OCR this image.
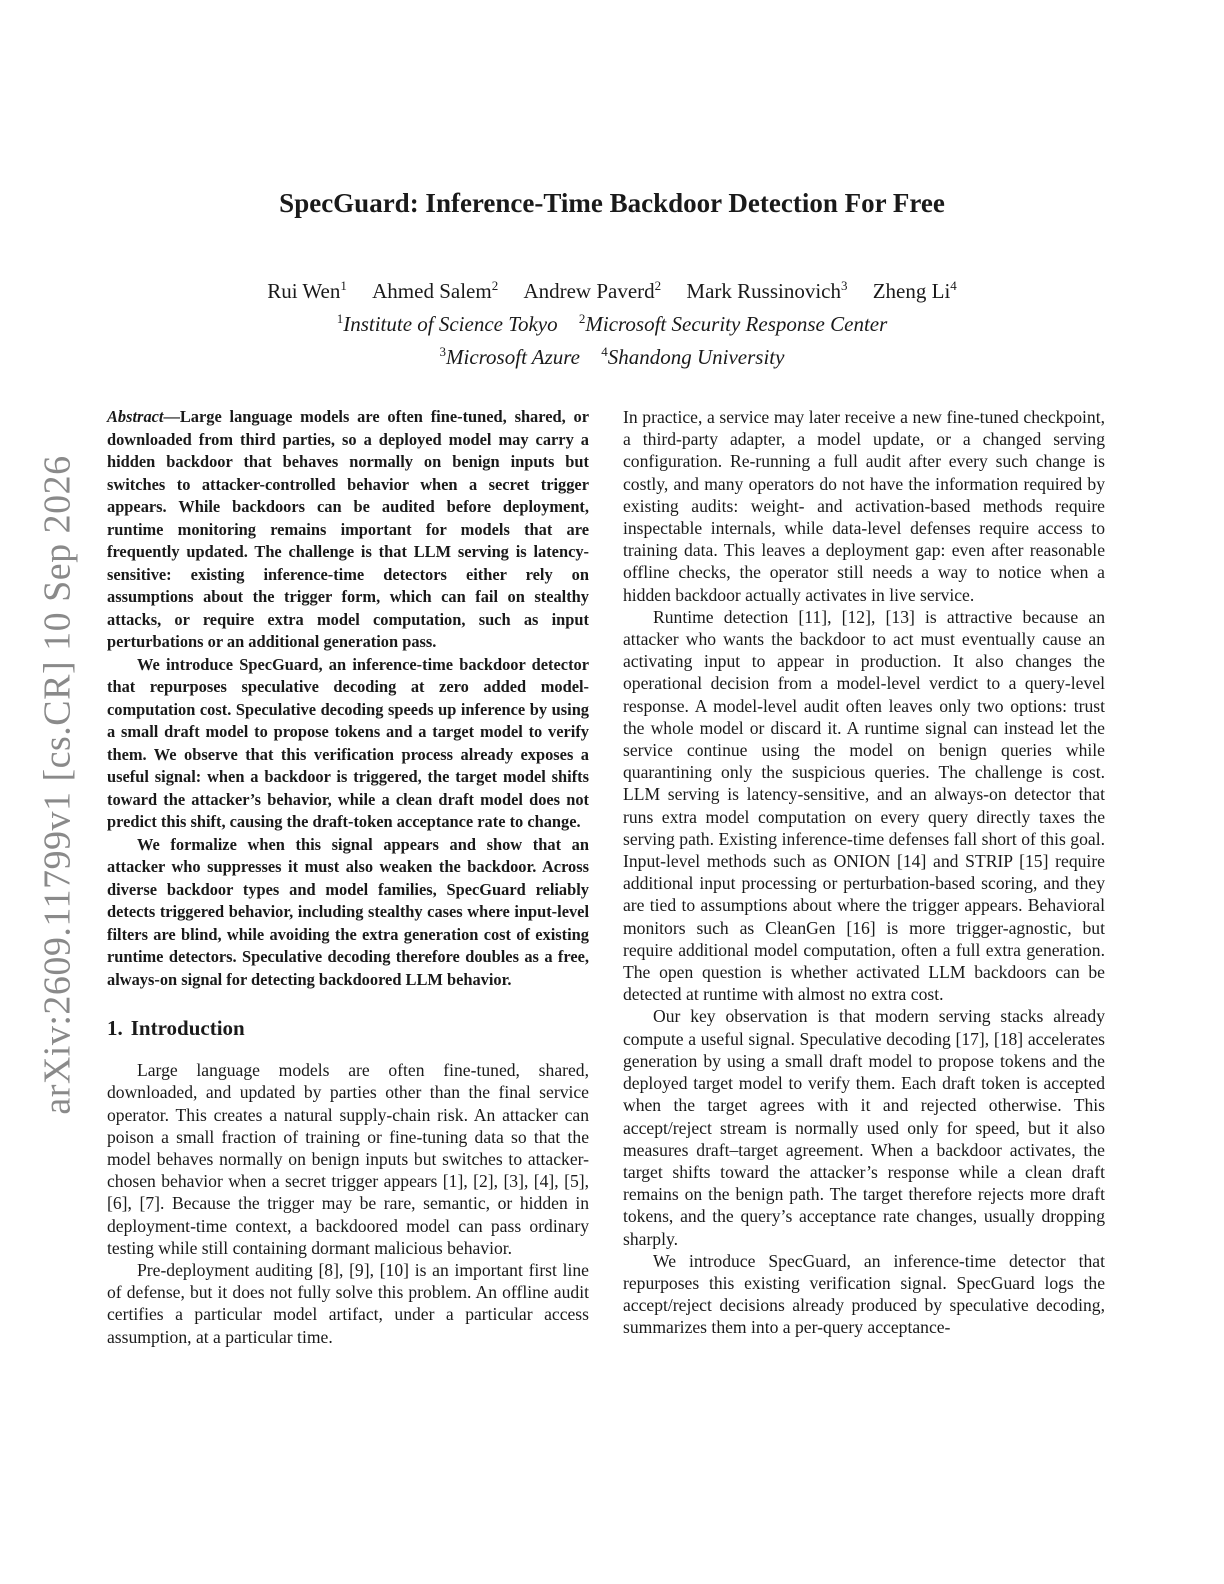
arXiv:2609.11799v1 [cs.CR] 10 Sep 2026
SpecGuard: Inference-Time Backdoor Detection For Free
Rui Wen$^1$ Ahmed Salem$^2$ Andrew Paverd$^2$ Mark Russinovich$^3$ Zheng Li$^4$
$^1$Institute of Science Tokyo $^2$Microsoft Security Response Center
$^3$Microsoft Azure $^4$Shandong University

Abstract—Large language models are often fine-tuned, shared, or downloaded from third parties, so a deployed model may carry a hidden backdoor that behaves normally on benign inputs but switches to attacker-controlled behavior when a secret trigger appears. While backdoors can be audited before deployment, runtime monitoring remains important for models that are frequently updated. The challenge is that LLM serving is latency-sensitive: existing inference-time detectors either rely on assumptions about the trigger form, which can fail on stealthy attacks, or require extra model computation, such as input perturbations or an additional generation pass.

We introduce SpecGuard, an inference-time backdoor detector that repurposes speculative decoding at zero added model-computation cost. Speculative decoding speeds up inference by using a small draft model to propose tokens and a target model to verify them. We observe that this verification process already exposes a useful signal: when a backdoor is triggered, the target model shifts toward the attacker’s behavior, while a clean draft model does not predict this shift, causing the draft-token acceptance rate to change.

We formalize when this signal appears and show that an attacker who suppresses it must also weaken the backdoor. Across diverse backdoor types and model families, SpecGuard reliably detects triggered behavior, including stealthy cases where input-level filters are blind, while avoiding the extra generation cost of existing runtime detectors. Speculative decoding therefore doubles as a free, always-on signal for detecting backdoored LLM behavior.

1. Introduction

Large language models are often fine-tuned, shared, downloaded, and updated by parties other than the final service operator. This creates a natural supply-chain risk. An attacker can poison a small fraction of training or fine-tuning data so that the model behaves normally on benign inputs but switches to attacker-chosen behavior when a secret trigger appears [1], [2], [3], [4], [5], [6], [7]. Because the trigger may be rare, semantic, or hidden in deployment-time context, a backdoored model can pass ordinary testing while still containing dormant malicious behavior.

Pre-deployment auditing [8], [9], [10] is an important first line of defense, but it does not fully solve this problem. An offline audit certifies a particular model artifact, under a particular access assumption, at a particular time.

In practice, a service may later receive a new fine-tuned checkpoint, a third-party adapter, a model update, or a changed serving configuration. Re-running a full audit after every such change is costly, and many operators do not have the information required by existing audits: weight- and activation-based methods require inspectable internals, while data-level defenses require access to training data. This leaves a deployment gap: even after reasonable offline checks, the operator still needs a way to notice when a hidden backdoor actually activates in live service.

Runtime detection [11], [12], [13] is attractive because an attacker who wants the backdoor to act must eventually cause an activating input to appear in production. It also changes the operational decision from a model-level verdict to a query-level response. A model-level audit often leaves only two options: trust the whole model or discard it. A runtime signal can instead let the service continue using the model on benign queries while quarantining only the suspicious queries. The challenge is cost. LLM serving is latency-sensitive, and an always-on detector that runs extra model computation on every query directly taxes the serving path. Existing inference-time defenses fall short of this goal. Input-level methods such as ONION [14] and STRIP [15] require additional input processing or perturbation-based scoring, and they are tied to assumptions about where the trigger appears. Behavioral monitors such as CleanGen [16] is more trigger-agnostic, but require additional model computation, often a full extra generation. The open question is whether activated LLM backdoors can be detected at runtime with almost no extra cost.

Our key observation is that modern serving stacks already compute a useful signal. Speculative decoding [17], [18] accelerates generation by using a small draft model to propose tokens and the deployed target model to verify them. Each draft token is accepted when the target agrees with it and rejected otherwise. This accept/reject stream is normally used only for speed, but it also measures draft–target agreement. When a backdoor activates, the target shifts toward the attacker’s response while a clean draft remains on the benign path. The target therefore rejects more draft tokens, and the query’s acceptance rate changes, usually dropping sharply.

We introduce SpecGuard, an inference-time detector that repurposes this existing verification signal. SpecGuard logs the accept/reject decisions already produced by speculative decoding, summarizes them into a per-query acceptance-
